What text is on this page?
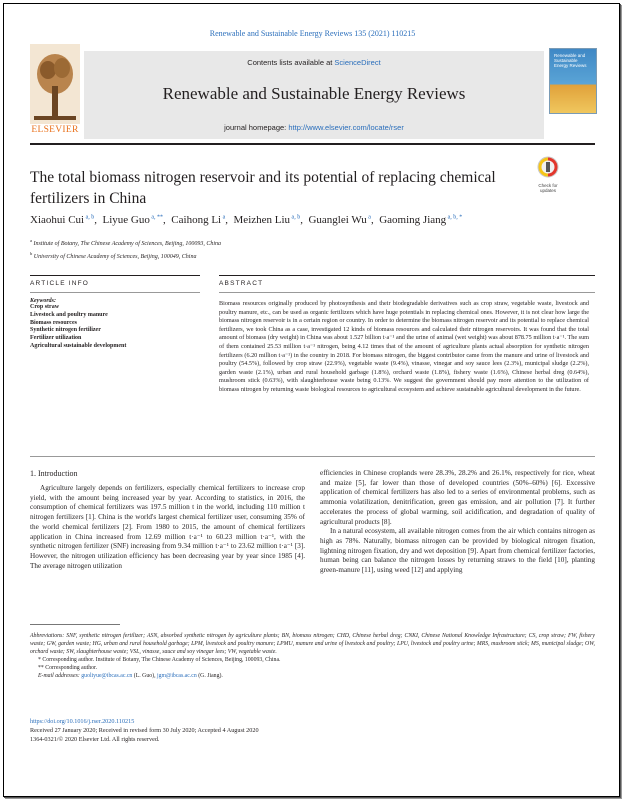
Renewable and Sustainable Energy Reviews 135 (2021) 110215
Contents lists available at ScienceDirect
Renewable and Sustainable Energy Reviews
journal homepage: http://www.elsevier.com/locate/rser
ELSEVIER
Renewable and Sustainable Energy Reviews
The total biomass nitrogen reservoir and its potential of replacing chemical fertilizers in China
Check for updates
Xiaohui Cui $^{a, b}$,  Liyue Guo $^{a, **}$,  Caihong Li $^a$,  Meizhen Liu $^{a, b}$,  Guanglei Wu $^a$,  Gaoming Jiang $^{a, b, *}$
$^a$ Institute of Botany, The Chinese Academy of Sciences, Beijing, 100093, China
$^b$ University of Chinese Academy of Sciences, Beijing, 100049, China
ARTICLE INFO	ABSTRACT
Keywords:
Crop straw
Livestock and poultry manure
Biomass resources
Synthetic nitrogen fertilizer
Fertilizer utilization
Agricultural sustainable development

Biomass resources originally produced by photosynthesis and their biodegradable derivatives such as crop straw, vegetable waste, livestock and poultry manure, etc., can be used as organic fertilizers which have huge potentials in replacing chemical ones. However, it is not clear how large the biomass nitrogen reservoir is in a certain region or country. In order to determine the biomass nitrogen reservoir and its potential to replace chemical fertilizers, we took China as a case, investigated 12 kinds of biomass resources and calculated their nitrogen reservoirs. It was found that the total amount of biomass (dry weight) in China was about 1.527 billion t·a⁻¹ and the urine of animal (wet weight) was about 878.75 million t·a⁻¹. The sum of them contained 25.53 million t·a⁻¹ nitrogen, being 4.12 times that of the amount of agriculture plants actual absorption for synthetic nitrogen fertilizers (6.20 million t·a⁻¹) in the country in 2018. For biomass nitrogen, the biggest contributor came from the manure and urine of livestock and poultry (54.5%), followed by crop straw (22.9%), vegetable waste (9.4%), vinasse, vinegar and soy sauce lees (2.3%), municipal sludge (2.2%), garden waste (2.1%), urban and rural household garbage (1.8%), orchard waste (1.8%), fishery waste (1.6%), Chinese herbal dreg (0.64%), mushroom stick (0.63%), with slaughterhouse waste being 0.13%. We suggest the government should pay more attention to the utilization of biomass nitrogen by returning waste biological resources to agricultural ecosystem and achieve sustainable agricultural development in the future.

1. Introduction

Agriculture largely depends on fertilizers, especially chemical fertilizers to increase crop yield, with the amount being increased year by year. According to statistics, in 2016, the consumption of chemical fertilizers was 197.5 million t in the world, including 110 million t nitrogen fertilizers [1]. China is the world's largest chemical fertilizer user, consuming 35% of the world chemical fertilizers [2]. From 1980 to 2015, the amount of chemical fertilizers application in China increased from 12.69 million t·a⁻¹ to 60.23 million t·a⁻¹, with the synthetic nitrogen fertilizer (SNF) increasing from 9.34 million t·a⁻¹ to 23.62 million t·a⁻¹ [3]. However, the nitrogen utilization efficiency has been decreasing year by year since 1985 [4]. The average nitrogen utilization

efficiencies in Chinese croplands were 28.3%, 28.2% and 26.1%, respectively for rice, wheat and maize [5], far lower than those of developed countries (50%–60%) [6]. Excessive application of chemical fertilizers has also led to a series of environmental problems, such as ammonia volatilization, denitrification, green gas emission, and air pollution [7]. It further accelerates the process of global warming, soil acidification, and degradation of quality of agricultural products [8].

In a natural ecosystem, all available nitrogen comes from the air which contains nitrogen as high as 78%. Naturally, biomass nitrogen can be provided by biological nitrogen fixation, lightning nitrogen fixation, dry and wet deposition [9]. Apart from chemical fertilizer factories, human being can balance the nitrogen losses by returning straws to the field [10], planting green-manure [11], using weed [12] and applying

Abbreviations: SNF, synthetic nitrogen fertilizer; ASN, absorbed synthetic nitrogen by agriculture plants; BN, biomass nitrogen; CHD, Chinese herbal dreg; CNKI, Chinese National Knowledge Infrastructure; CS, crop straw; FW, fishery waste; GW, garden waste; HG, urban and rural household garbage; LPM, livestock and poultry manure; LPMU, manure and urine of livestock and poultry; LPU, livestock and poultry urine; MRS, mushroom stick; MS, municipal sludge; OW, orchard waste; SW, slaughterhouse waste; VSL, vinasse, sauce and soy vinegar lees; VW, vegetable waste.

* Corresponding author. Institute of Botany, The Chinese Academy of Sciences, Beijing, 100093, China.

** Corresponding author.

E-mail addresses: guoliyue@ibcas.ac.cn (L. Guo), jgm@ibcas.ac.cn (G. Jiang).

https://doi.org/10.1016/j.rser.2020.110215
Received 27 January 2020; Received in revised form 30 July 2020; Accepted 4 August 2020
1364-0321/© 2020 Elsevier Ltd. All rights reserved.
